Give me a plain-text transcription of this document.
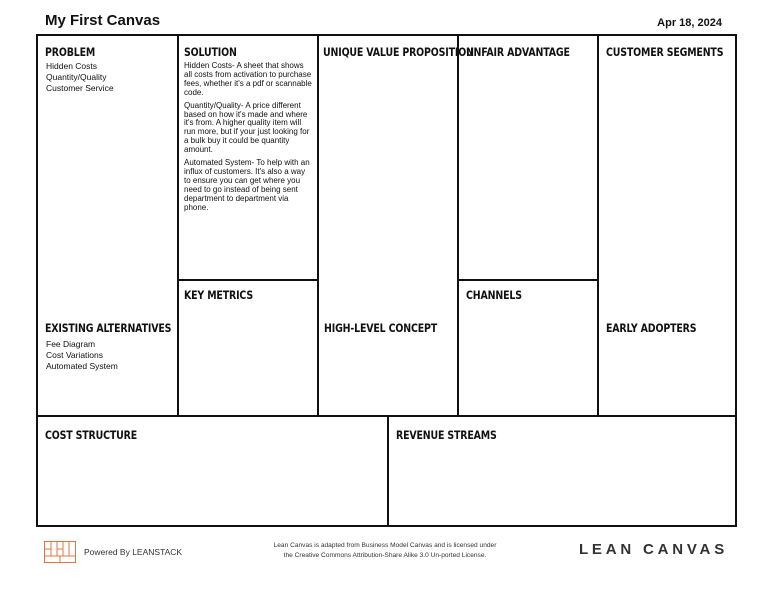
My First Canvas	Apr 18, 2024
PROBLEM
Hidden Costs
Quantity/Quality
Customer Service
EXISTING ALTERNATIVES
Fee Diagram
Cost Variations
Automated System
SOLUTION

Hidden Costs- A sheet that shows all costs from activation to purchase fees, whether it's a pdf or scannable code.

Quantity/Quality- A price different based on how it's made and where it's from. A higher quality item will run more, but if your just looking for a bulk buy it could be quantity amount.

Automated System- To help with an influx of customers. It's also a way to ensure you can get where you need to go instead of being sent department to department via phone.

KEY METRICS
UNIQUE VALUE PROPOSITION
HIGH-LEVEL CONCEPT
UNFAIR ADVANTAGE
CHANNELS
CUSTOMER SEGMENTS
EARLY ADOPTERS
COST STRUCTURE	REVENUE STREAMS
Powered By LEANSTACK
Lean Canvas is adapted from Business Model Canvas and is licensed under
the Creative Commons Attribution-Share Alike 3.0 Un-ported License.	LEAN CANVAS
